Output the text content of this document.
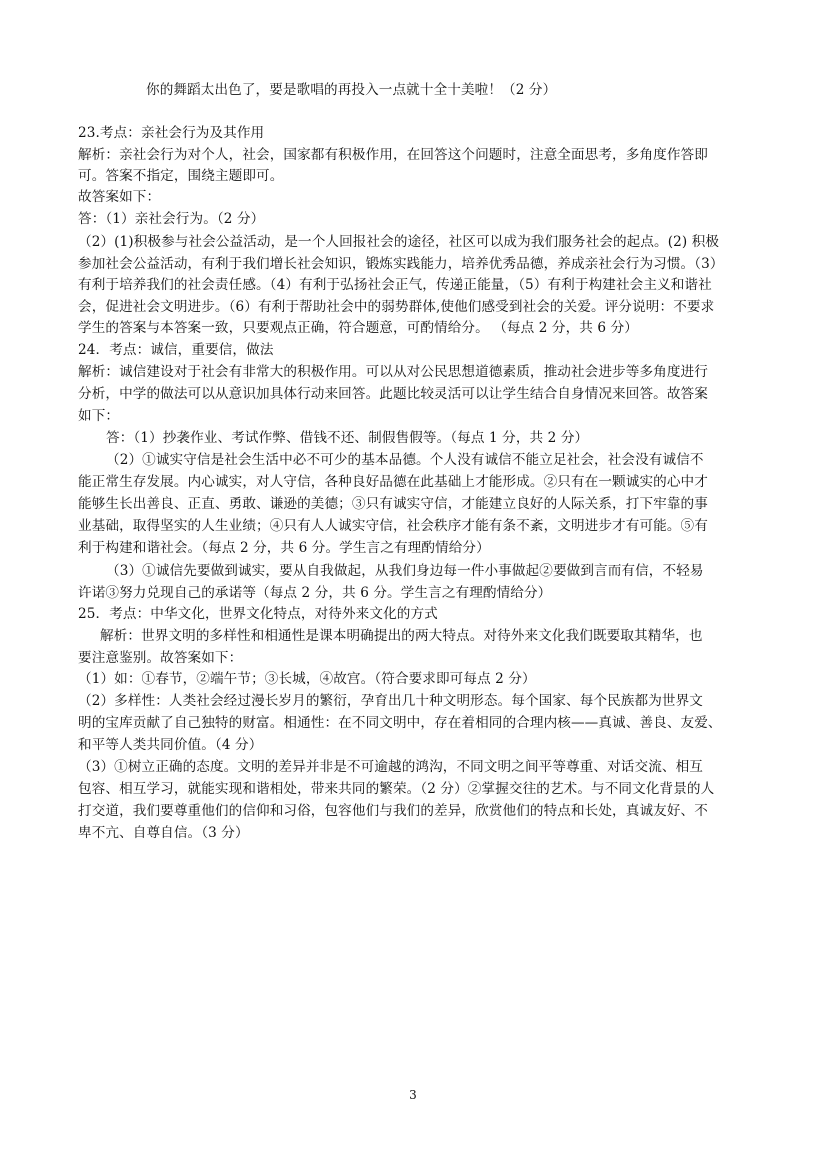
你的舞蹈太出色了，要是歌唱的再投入一点就十全十美啦！（2 分）
23.考点：亲社会行为及其作用
解析：亲社会行为对个人，社会，国家都有积极作用，在回答这个问题时，注意全面思考，多角度作答即
可。答案不指定，围绕主题即可。
故答案如下：
答：（1）亲社会行为。（2 分）
（2）(1)积极参与社会公益活动，是一个人回报社会的途径，社区可以成为我们服务社会的起点。(2) 积极
参加社会公益活动，有利于我们增长社会知识，锻炼实践能力，培养优秀品德，养成亲社会行为习惯。（3）
有利于培养我们的社会责任感。（4）有利于弘扬社会正气，传递正能量，（5）有利于构建社会主义和谐社
会，促进社会文明进步。（6）有利于帮助社会中的弱势群体,使他们感受到社会的关爱。评分说明：不要求
学生的答案与本答案一致，只要观点正确，符合题意，可酌情给分。 （每点 2 分，共 6 分）
24．考点：诚信，重要信，做法
解析：诚信建设对于社会有非常大的积极作用。可以从对公民思想道德素质，推动社会进步等多角度进行
分析，中学的做法可以从意识加具体行动来回答。此题比较灵活可以让学生结合自身情况来回答。故答案
如下：
答：（1）抄袭作业、考试作弊、借钱不还、制假售假等。（每点 1 分，共 2 分）
（2）①诚实守信是社会生活中必不可少的基本品德。个人没有诚信不能立足社会，社会没有诚信不
能正常生存发展。内心诚实，对人守信，各种良好品德在此基础上才能形成。②只有在一颗诚实的心中才
能够生长出善良、正直、勇敢、谦逊的美德；③只有诚实守信，才能建立良好的人际关系，打下牢靠的事
业基础，取得坚实的人生业绩；④只有人人诚实守信，社会秩序才能有条不紊，文明进步才有可能。⑤有
利于构建和谐社会。（每点 2 分，共 6 分。学生言之有理酌情给分）
（3）①诚信先要做到诚实，要从自我做起，从我们身边每一件小事做起②要做到言而有信，不轻易
许诺③努力兑现自己的承诺等（每点 2 分，共 6 分。学生言之有理酌情给分）
25．考点：中华文化，世界文化特点，对待外来文化的方式
解析：世界文明的多样性和相通性是课本明确提出的两大特点。对待外来文化我们既要取其精华，也
要注意鉴别。故答案如下：
（1）如：①春节，②端午节；③长城，④故宫。（符合要求即可每点 2 分）
（2）多样性：人类社会经过漫长岁月的繁衍，孕育出几十种文明形态。每个国家、每个民族都为世界文
明的宝库贡献了自己独特的财富。相通性：在不同文明中，存在着相同的合理内核——真诚、善良、友爱、
和平等人类共同价值。（4 分）
（3）①树立正确的态度。文明的差异并非是不可逾越的鸿沟，不同文明之间平等尊重、对话交流、相互
包容、相互学习，就能实现和谐相处，带来共同的繁荣。（2 分）②掌握交往的艺术。与不同文化背景的人
打交道，我们要尊重他们的信仰和习俗，包容他们与我们的差异，欣赏他们的特点和长处，真诚友好、不
卑不亢、自尊自信。（3 分）
3
